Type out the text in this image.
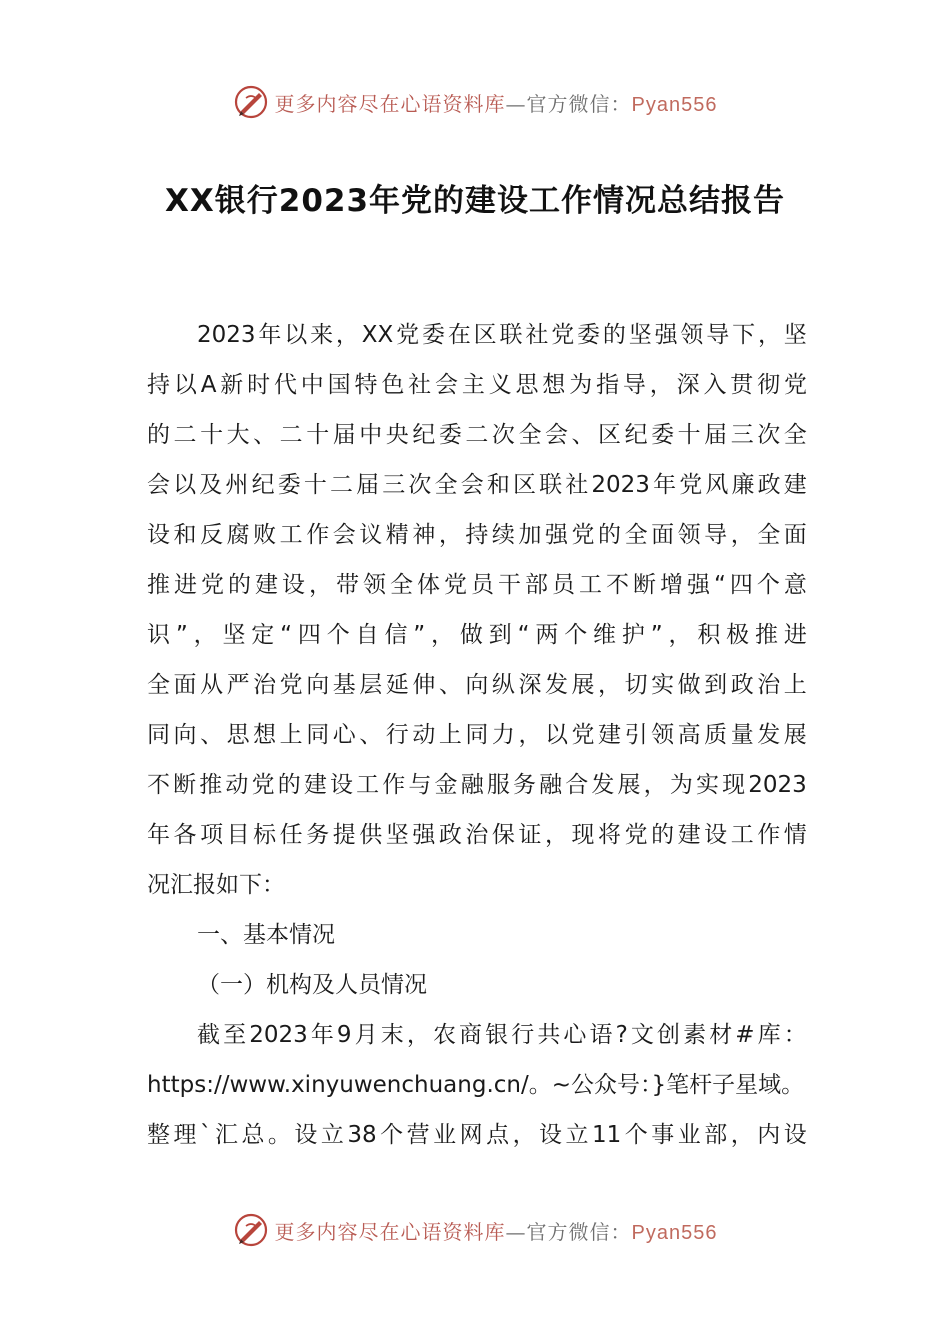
更多内容尽在心语资料库—官方微信：Pyan556
XX银行2023年党的建设工作情况总结报告
2023 年 以 来 ， XX 党 委 在 区 联 社 党 委 的 坚 强 领 导 下 ， 坚
持 以 A 新 时 代 中 国 特 色 社 会 主 义 思 想 为 指 导 ， 深 入 贯 彻 党
的 二 十 大 、 二 十 届 中 央 纪 委 二 次 全 会 、 区 纪 委 十 届 三 次 全
会 以 及 州 纪 委 十 二 届 三 次 全 会 和 区 联 社 2023 年 党 风 廉 政 建
设 和 反 腐 败 工 作 会 议 精 神 ， 持 续 加 强 党 的 全 面 领 导 ， 全 面
推 进 党 的 建 设 ， 带 领 全 体 党 员 干 部 员 工 不 断 增 强 “ 四 个 意
识 ” ， 坚 定 “ 四 个 自 信 ” ， 做 到 “ 两 个 维 护 ” ， 积 极 推 进
全 面 从 严 治 党 向 基 层 延 伸 、 向 纵 深 发 展 ， 切 实 做 到 政 治 上
同 向 、 思 想 上 同 心 、 行 动 上 同 力 ， 以 党 建 引 领 高 质 量 发 展
不 断 推 动 党 的 建 设 工 作 与 金 融 服 务 融 合 发 展 ， 为 实 现 2023
年 各 项 目 标 任 务 提 供 坚 强 政 治 保 证 ， 现 将 党 的 建 设 工 作 情
况汇报如下：
一、基本情况
（一）机构及人员情况
截 至 2023 年 9 月 末 ， 农 商 银 行 共 心 语 ? 文 创 素 材 # 库 ：
https://www.xinyuwenchuang.cn/。~公众号：}笔杆子星域。
整 理 ` 汇 总 。 设 立 38 个 营 业 网 点 ， 设 立 11 个 事 业 部 ， 内 设
更多内容尽在心语资料库—官方微信：Pyan556
